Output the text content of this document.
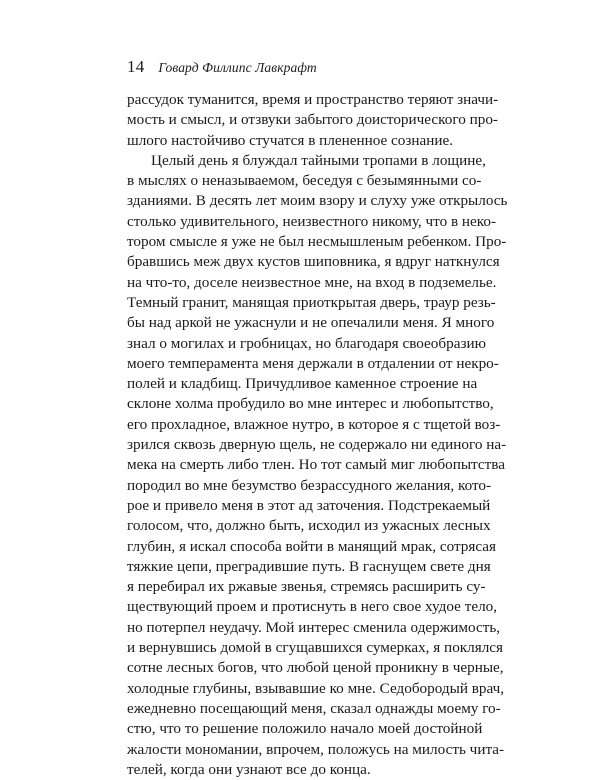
14 Говард Филлипс Лавкрафт
рассудок туманится, время и пространство теряют значи-
мость и смысл, и отзвуки забытого доисторического про-
шлого настойчиво стучатся в плененное сознание.
Целый день я блуждал тайными тропами в лощине,
в мыслях о неназываемом, беседуя с безымянными со-
зданиями. В десять лет моим взору и слуху уже открылось
столько удивительного, неизвестного никому, что в неко-
тором смысле я уже не был несмышленым ребенком. Про-
бравшись меж двух кустов шиповника, я вдруг наткнулся
на что-то, доселе неизвестное мне, на вход в подземелье.
Темный гранит, манящая приоткрытая дверь, траур резь-
бы над аркой не ужаснули и не опечалили меня. Я много
знал о могилах и гробницах, но благодаря своеобразию
моего темперамента меня держали в отдалении от некро-
полей и кладбищ. Причудливое каменное строение на
склоне холма пробудило во мне интерес и любопытство,
его прохладное, влажное нутро, в которое я с тщетой воз-
зрился сквозь дверную щель, не содержало ни единого на-
мека на смерть либо тлен. Но тот самый миг любопытства
породил во мне безумство безрассудного желания, кото-
рое и привело меня в этот ад заточения. Подстрекаемый
голосом, что, должно быть, исходил из ужасных лесных
глубин, я искал способа войти в манящий мрак, сотрясая
тяжкие цепи, преградившие путь. В гаснущем свете дня
я перебирал их ржавые звенья, стремясь расширить су-
ществующий проем и протиснуть в него свое худое тело,
но потерпел неудачу. Мой интерес сменила одержимость,
и вернувшись домой в сгущавшихся сумерках, я поклялся
сотне лесных богов, что любой ценой проникну в черные,
холодные глубины, взывавшие ко мне. Седобородый врач,
ежедневно посещающий меня, сказал однажды моему го-
стю, что то решение положило начало моей достойной
жалости мономании, впрочем, положусь на милость чита-
телей, когда они узнают все до конца.
